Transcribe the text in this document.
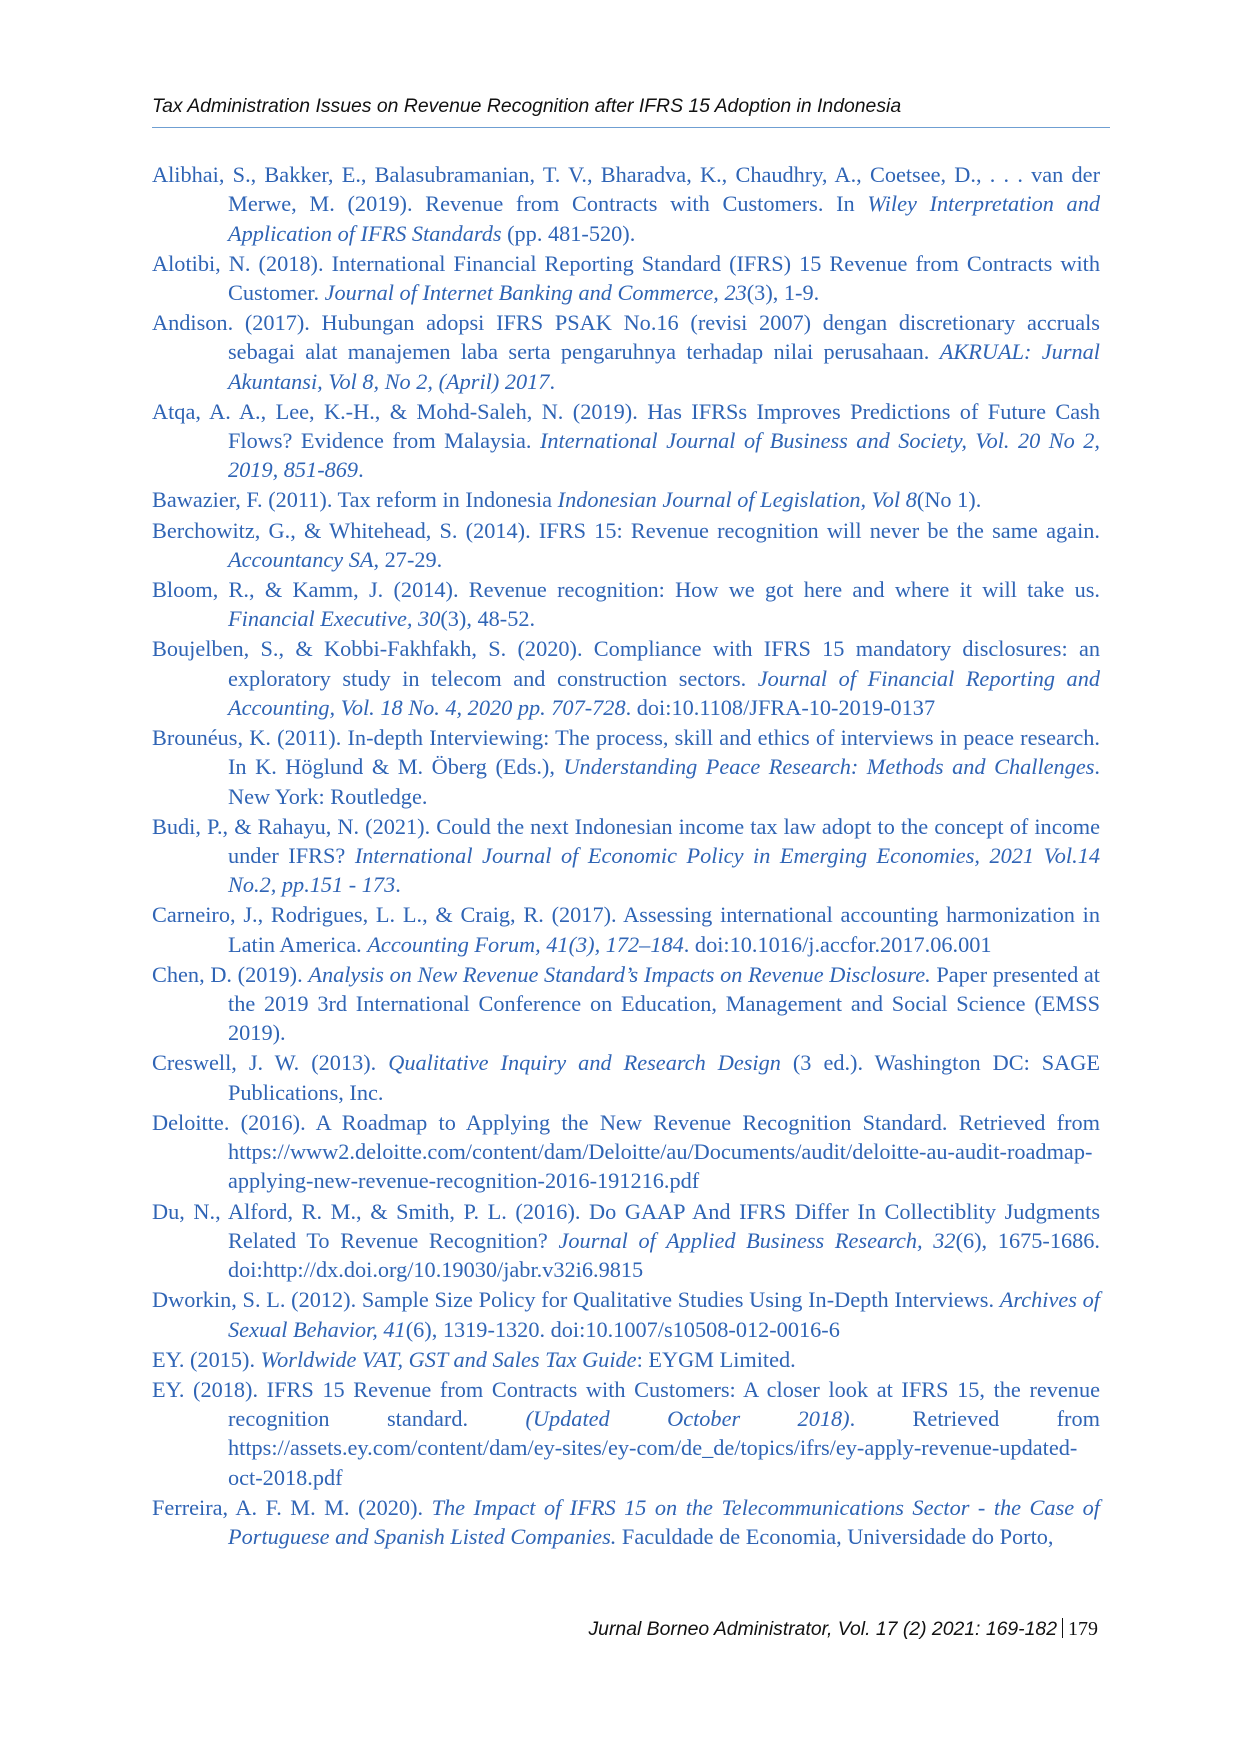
Tax Administration Issues on Revenue Recognition after IFRS 15 Adoption in Indonesia
Alibhai, S., Bakker, E., Balasubramanian, T. V., Bharadva, K., Chaudhry, A., Coetsee, D., . . . van der Merwe, M. (2019). Revenue from Contracts with Customers. In Wiley Interpretation and Application of IFRS Standards (pp. 481-520).
Alotibi, N. (2018). International Financial Reporting Standard (IFRS) 15 Revenue from Contracts with Customer. Journal of Internet Banking and Commerce, 23(3), 1-9.
Andison. (2017). Hubungan adopsi IFRS PSAK No.16 (revisi 2007) dengan discretionary accruals sebagai alat manajemen laba serta pengaruhnya terhadap nilai perusahaan. AKRUAL: Jurnal Akuntansi, Vol 8, No 2, (April) 2017.
Atqa, A. A., Lee, K.-H., & Mohd-Saleh, N. (2019). Has IFRSs Improves Predictions of Future Cash Flows? Evidence from Malaysia. International Journal of Business and Society, Vol. 20 No 2, 2019, 851-869.
Bawazier, F. (2011). Tax reform in Indonesia Indonesian Journal of Legislation, Vol 8(No 1).
Berchowitz, G., & Whitehead, S. (2014). IFRS 15: Revenue recognition will never be the same again. Accountancy SA, 27-29.
Bloom, R., & Kamm, J. (2014). Revenue recognition: How we got here and where it will take us. Financial Executive, 30(3), 48-52.
Boujelben, S., & Kobbi-Fakhfakh, S. (2020). Compliance with IFRS 15 mandatory disclosures: an exploratory study in telecom and construction sectors. Journal of Financial Reporting and Accounting, Vol. 18 No. 4, 2020 pp. 707-728. doi:10.1108/JFRA-10-2019-0137
Brounéus, K. (2011). In-depth Interviewing: The process, skill and ethics of interviews in peace research. In K. Höglund & M. Öberg (Eds.), Understanding Peace Research: Methods and Challenges. New York: Routledge.
Budi, P., & Rahayu, N. (2021). Could the next Indonesian income tax law adopt to the concept of income under IFRS? International Journal of Economic Policy in Emerging Economies, 2021 Vol.14 No.2, pp.151 - 173.
Carneiro, J., Rodrigues, L. L., & Craig, R. (2017). Assessing international accounting harmonization in Latin America. Accounting Forum, 41(3), 172–184. doi:10.1016/j.accfor.2017.06.001
Chen, D. (2019). Analysis on New Revenue Standard’s Impacts on Revenue Disclosure. Paper presented at the 2019 3rd International Conference on Education, Management and Social Science (EMSS 2019).
Creswell, J. W. (2013). Qualitative Inquiry and Research Design (3 ed.). Washington DC: SAGE Publications, Inc.
Deloitte. (2016). A Roadmap to Applying the New Revenue Recognition Standard. Retrieved from https://www2.deloitte.com/content/dam/Deloitte/au/Documents/audit/deloitte-au-audit-roadmap-applying-new-revenue-recognition-2016-191216.pdf
Du, N., Alford, R. M., & Smith, P. L. (2016). Do GAAP And IFRS Differ In Collectiblity Judgments Related To Revenue Recognition? Journal of Applied Business Research, 32(6), 1675-1686. doi:http://dx.doi.org/10.19030/jabr.v32i6.9815
Dworkin, S. L. (2012). Sample Size Policy for Qualitative Studies Using In-Depth Interviews. Archives of Sexual Behavior, 41(6), 1319-1320. doi:10.1007/s10508-012-0016-6
EY. (2015). Worldwide VAT, GST and Sales Tax Guide: EYGM Limited.
EY. (2018). IFRS 15 Revenue from Contracts with Customers: A closer look at IFRS 15, the revenue recognition standard. (Updated October 2018). Retrieved from https://assets.ey.com/content/dam/ey-sites/ey-com/de_de/topics/ifrs/ey-apply-revenue-updated-oct-2018.pdf
Ferreira, A. F. M. M. (2020). The Impact of IFRS 15 on the Telecommunications Sector - the Case of Portuguese and Spanish Listed Companies. Faculdade de Economia, Universidade do Porto,
Jurnal Borneo Administrator, Vol. 17 (2) 2021: 169-182 179
